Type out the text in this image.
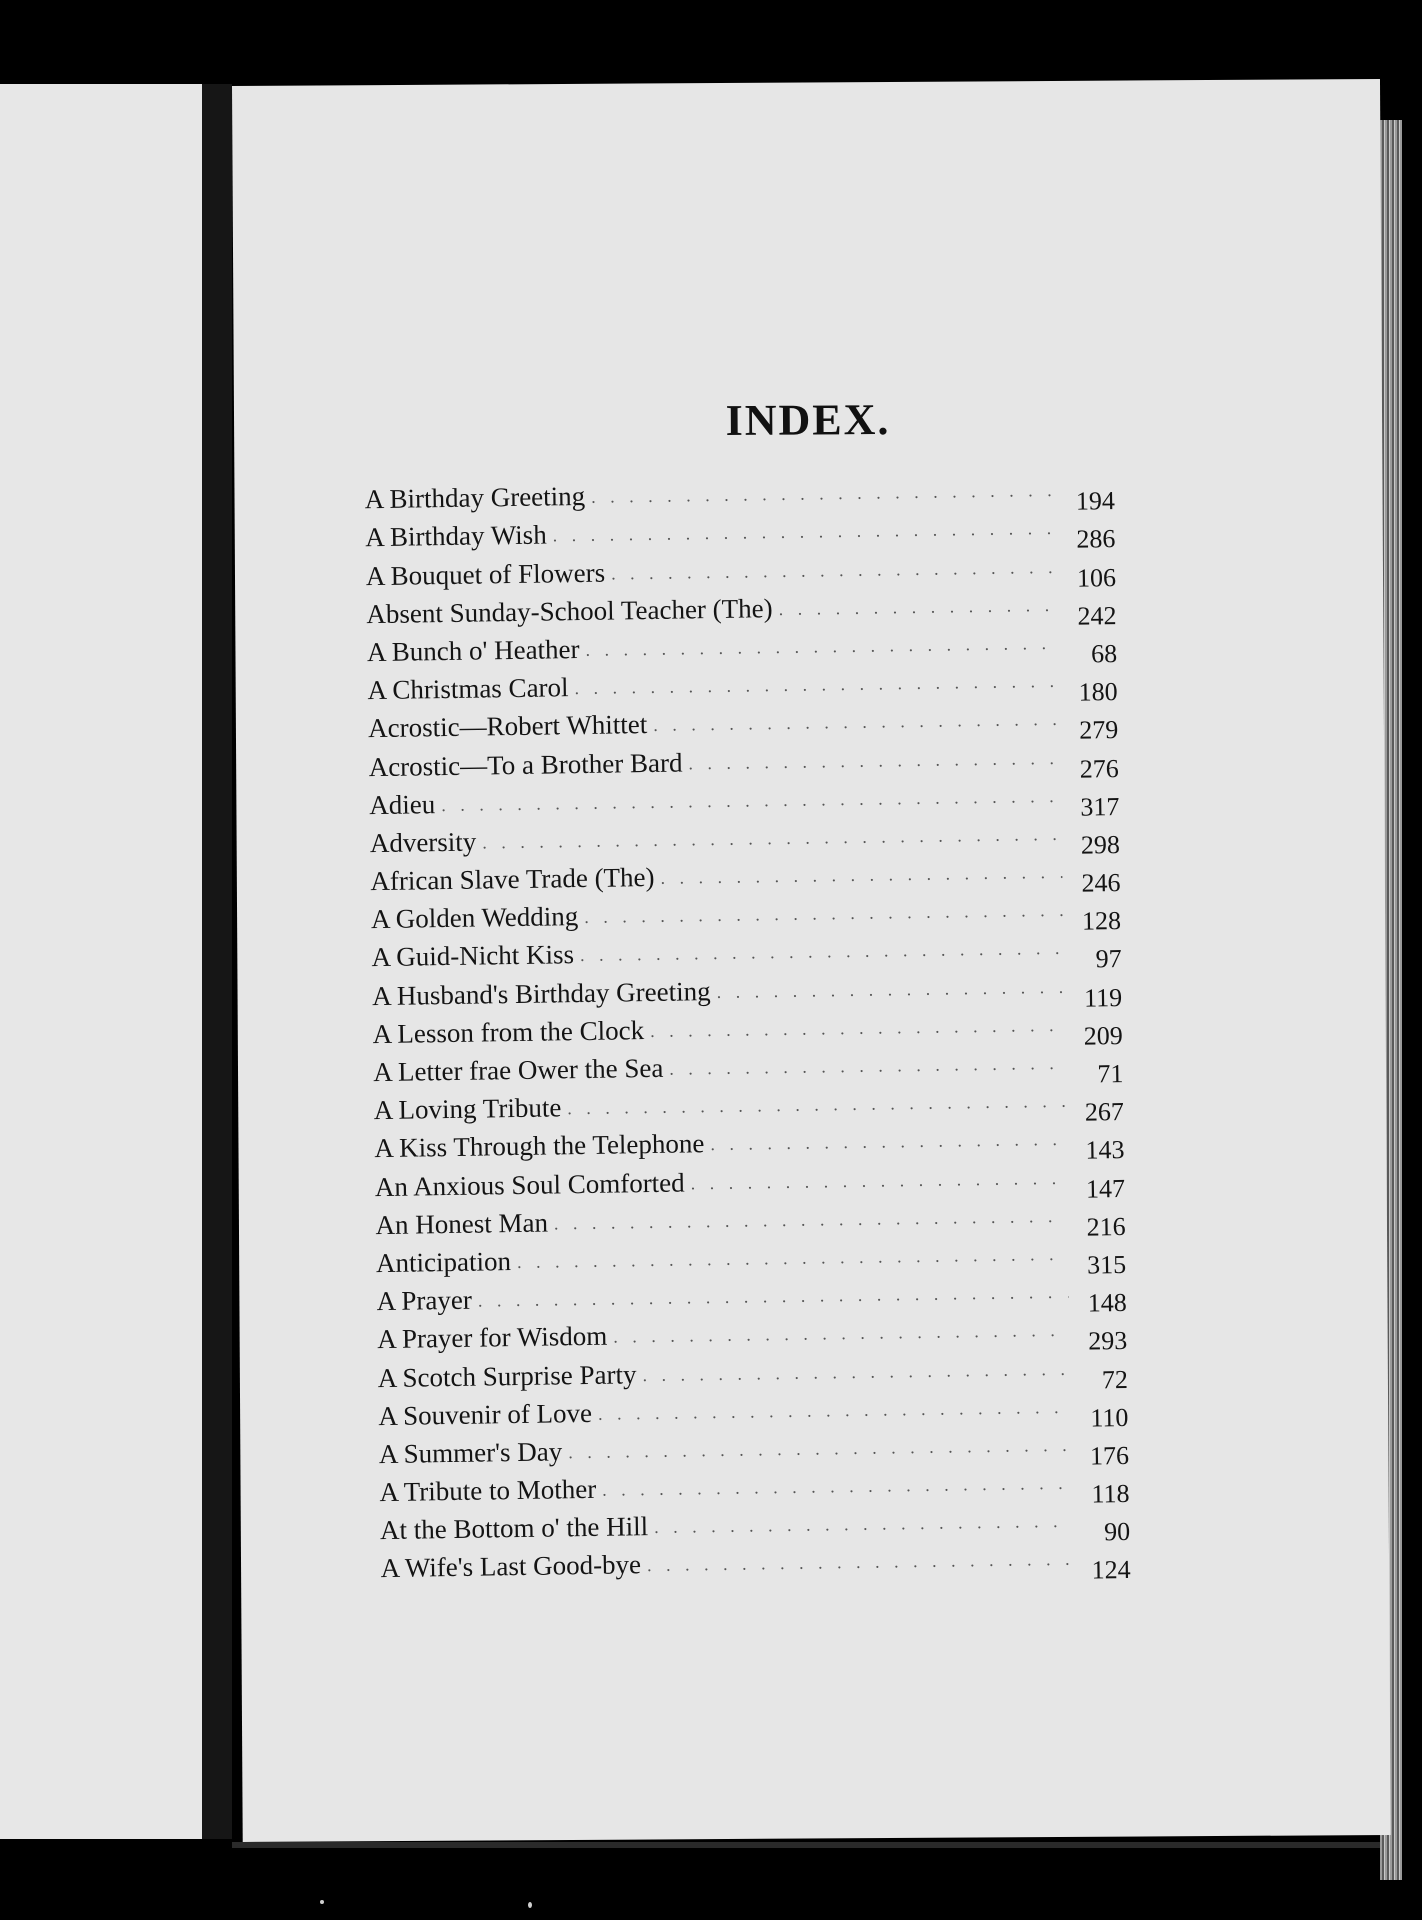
INDEX.
A Birthday Greeting . . .	194
A Birthday Wish . . .	286
A Bouquet of Flowers . . .	106
Absent Sunday-School Teacher (The) . . .	242
A Bunch o' Heather . . .	68
A Christmas Carol . . .	180
Acrostic—Robert Whittet . . .	279
Acrostic—To a Brother Bard . . .	276
Adieu . . .	317
Adversity . . .	298
African Slave Trade (The) . . .	246
A Golden Wedding . . .	128
A Guid-Nicht Kiss . . .	97
A Husband's Birthday Greeting . . .	119
A Lesson from the Clock . . .	209
A Letter frae Ower the Sea . . .	71
A Loving Tribute . . .	267
A Kiss Through the Telephone . . .	143
An Anxious Soul Comforted . . .	147
An Honest Man . . .	216
Anticipation . . .	315
A Prayer . . .	148
A Prayer for Wisdom . . .	293
A Scotch Surprise Party . . .	72
A Souvenir of Love . . .	110
A Summer's Day . . .	176
A Tribute to Mother . . .	118
At the Bottom o' the Hill . . .	90
A Wife's Last Good-bye . . .	124
